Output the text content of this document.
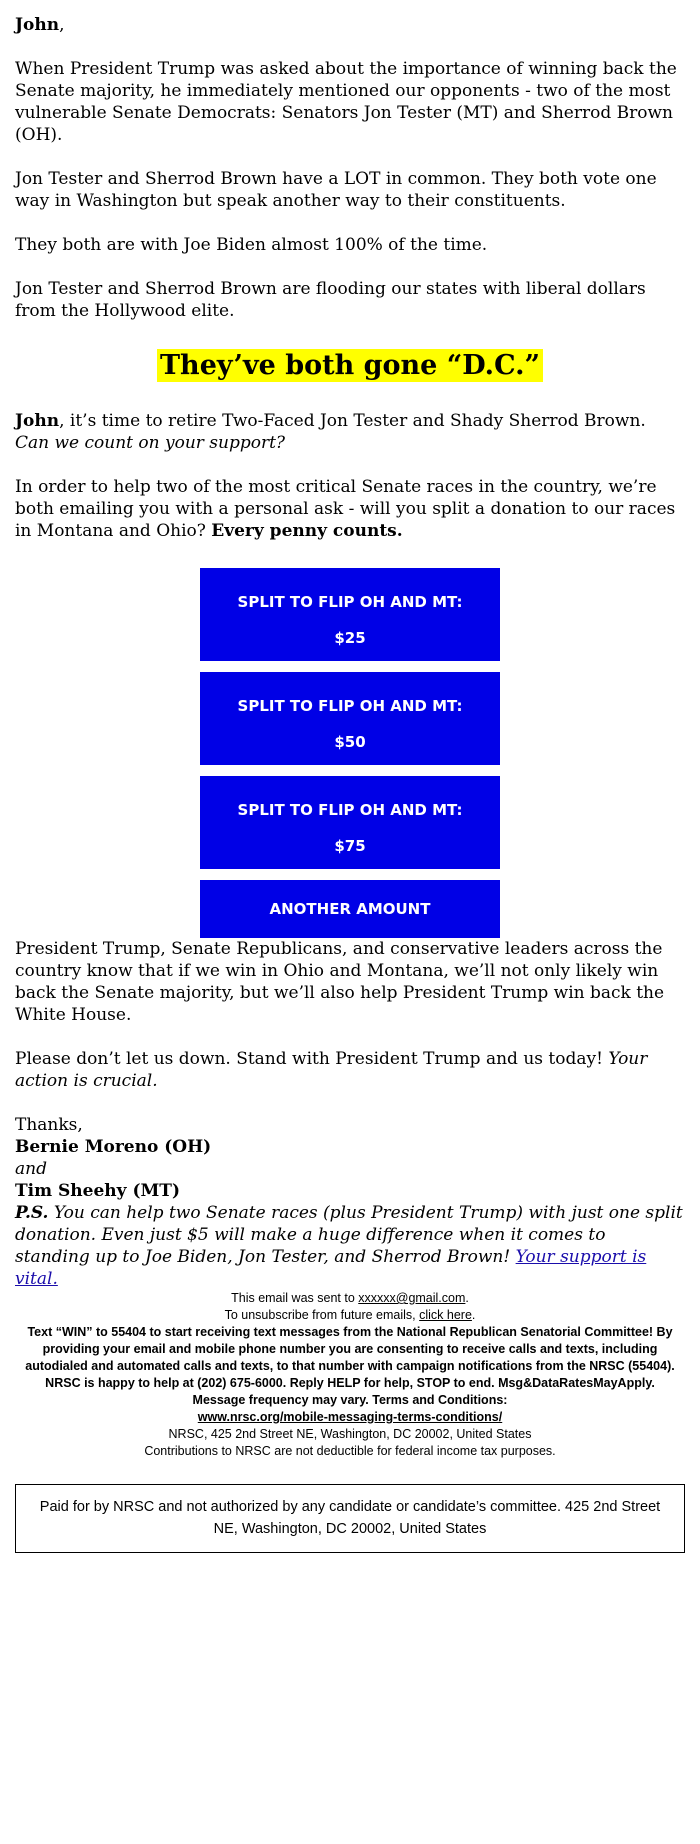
John,

When President Trump was asked about the importance of winning back the Senate majority, he immediately mentioned our opponents - two of the most vulnerable Senate Democrats: Senators Jon Tester (MT) and Sherrod Brown (OH).

Jon Tester and Sherrod Brown have a LOT in common. They both vote one way in Washington but speak another way to their constituents.

They both are with Joe Biden almost 100% of the time.

Jon Tester and Sherrod Brown are flooding our states with liberal dollars from the Hollywood elite.

They’ve both gone “D.C.”

John, it’s time to retire Two-Faced Jon Tester and Shady Sherrod Brown.
Can we count on your support?

In order to help two of the most critical Senate races in the country, we’re both emailing you with a personal ask - will you split a donation to our races in Montana and Ohio? Every penny counts.

SPLIT TO FLIP OH AND MT:
$25
SPLIT TO FLIP OH AND MT:
$50
SPLIT TO FLIP OH AND MT:
$75
ANOTHER AMOUNT

President Trump, Senate Republicans, and conservative leaders across the country know that if we win in Ohio and Montana, we’ll not only likely win back the Senate majority, but we’ll also help President Trump win back the White House.

Please don’t let us down. Stand with President Trump and us today! Your action is crucial.

Thanks,

Bernie Moreno (OH)
and
Tim Sheehy (MT)

P.S. You can help two Senate races (plus President Trump) with just one split donation. Even just $5 will make a huge difference when it comes to standing up to Joe Biden, Jon Tester, and Sherrod Brown! Your support is vital.

This email was sent to xxxxxx@gmail.com.

To unsubscribe from future emails, click here.

Text “WIN” to 55404 to start receiving text messages from the National Republican Senatorial Committee! By providing your email and mobile phone number you are consenting to receive calls and texts, including autodialed and automated calls and texts, to that number with campaign notifications from the NRSC (55404). NRSC is happy to help at (202) 675-6000. Reply HELP for help, STOP to end. Msg&DataRatesMayApply. Message frequency may vary. Terms and Conditions:
www.nrsc.org/mobile-messaging-terms-conditions/

NRSC, 425 2nd Street NE, Washington, DC 20002, United States

Contributions to NRSC are not deductible for federal income tax purposes.

Paid for by NRSC and not authorized by any candidate or candidate’s committee. 425 2nd Street NE, Washington, DC 20002, United States
